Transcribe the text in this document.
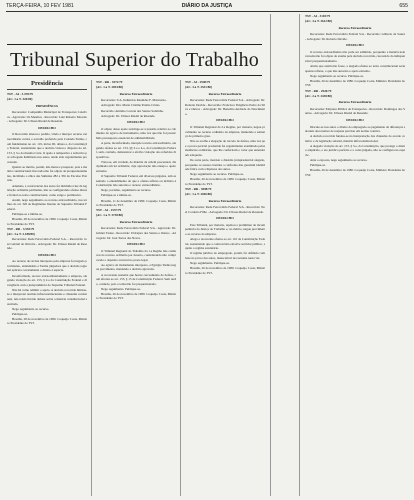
TERÇA-FEIRA, 10 FEV 1981	DIÁRIO DA JUSTIÇA	655

TST - AI - 3.478/79

(AC. 1.a T. 320/80)

PRESIDÊNCIA

Recorrente: Companhia Municipal de Transportes Coletivos - Agravado: Os Mesmos - Recorrido: Luiz Roberto Macedo - Advogado: Dr. Ulisses Riedel de Resende.

DESPACHO

O Recorrido alterou o pedido, vindo a interpor recurso extraordinário contra o acórdão proferido pela Colenda Turma, com fundamento no art. 119, inciso III, alínea a, da Constituição Federal, sustentando que a decisão violou o disposto no art. 153, § 3.o da mesma Carta. O apelo é tempestivo e subscrito por advogado habilitado nos autos, tendo sido regularmente processado.

Quanto ao mérito, porém, não merece prosperar, pois a matéria constitucional invocada não foi objeto de prequestionamento, incidindo o óbice das Súmulas 282 e 356 do Excelso Pretório.

Ademais, a controvérsia dos autos foi dirimida à luz da legislação ordinária pertinente, não se configurando ofensa direta e frontal ao texto constitucional, como exige o permissivo.

Assim, nego seguimento ao recurso extraordinário, nos termos do art. 326 do Regimento Interno do Supremo Tribunal Federal.

Publique-se e intime-se.

Brasília, 28 de novembro de 1980. Coqueijo Costa, Ministro Presidente do TST.

TST - RR - 3.555/79

(AC. 3.a T. 2.188/80)

Recorrente: Rede Ferroviária Federal S.A. - Recorrido: José Gabriel de Oliveira - Advogado: Dr. Ulisses Riedel de Resende.

DESPACHO

Ao recurso de revista interposto pela empresa foi negado provimento, entendendo a Turma julgadora que a decisão regional aplicara corretamente o direito à espécie.

Inconformada, recorre extraordinariamente a empresa, alegando violação do art. 153, § 2.o da Constituição Federal e divergência com a jurisprudência do Supremo Tribunal Federal.

Não há como admitir o apelo. A decisão recorrida limitou-se a interpretar normas infraconstitucionais e cláusulas contratuais, não tendo havido debate sobre a matéria constitucional suscitada.

Nego seguimento ao recurso.

Publique-se.

Brasília, 28 de novembro de 1980. Coqueijo Costa, Ministro Presidente do TST.

Tribunal Superior do Trabalho
Presidência	TST - RR - 3572/79

(AC. 1.a T. 2054/80)

Recurso Extraordinário

Recorrente: S/A. Indústrias Reunidas F. Matarazzo.

Advogado: Dra. Maria Cristina Paixão Côrtes.

Recorrido: Antônio Correia dos Santos Sobrinho.

Advogado: Dr. Ulisses Riedel de Resende.

DESPACHO

O objeto desse apelo restringe-se à questão relativa ao cabimento do agravo de instrumento, uma vez que não foi preenchido pressuposto essencial de admissibilidade.

A parte, inconformada, interpõe recurso extraordinário, alegando ofensa ao art. 153, §§ 3.o e 4.o, da Constituição Federal, sem, contudo, demonstrar a efetiva violação dos referidos dispositivos.

Trata-se, em verdade, de matéria de ordem processual, disciplinada em lei ordinária, cuja apreciação não enseja o apelo extremo.

O Supremo Tribunal Federal, em diversos julgados, tem assentado o entendimento de que a ofensa reflexa ou indireta à Constituição não autoriza o recurso extraordinário.

Nego, portanto, seguimento ao recurso.

Publique-se e intime-se.

Brasília, 11 de dezembro de 1980. Coqueijo Costa, Ministro Presidente do TST.

TST - AI - 1537/79

(AC. 1.a T. 2738/80)

Recurso Extraordinário

Recorrente: Rede Ferroviária Federal S/A - Agravado: Dr. Gilmar Tadeu - Recorrido: Ubirajara dos Santos e Outros - Advogado: Dr. José Torres das Neves.

DESPACHO

O Tribunal Regional do Trabalho da 1.a Região não conheceu do recurso ordinário por deserto, considerando não comprovado o depósito recursal no prazo legal.

Ao agravo de instrumento interposto, a Egrégia Turma negou provimento, mantendo a decisão agravada.

A recorrente sustenta que houve cerceamento de defesa, com afronta ao art. 153, § 15 da Constituição Federal. Sem razão, contudo, pois o tema não foi prequestionado.

Nego seguimento. Publique-se.

Brasília, 26 de novembro de 1980. Coqueijo Costa, Ministro Presidente do TST.

TST - AI - 2948/79

(AC. 3.a T. 2531/80)

Recurso Extraordinário

Recorrente: Rede Ferroviária Federal S/A - Advogado: Dr. Roberto Devide - Recorrido: Francisco Fulgêncio Pedro da Silva e Outros - Advogado: Dr. Benedito Andrade do Nascimento.

DESPACHO

O Tribunal Regional da 2.a Região, por maioria, negou provimento ao recurso ordinário da empresa, mantendo a sentença de primeiro grau.

Não se acolhe a alegação de cerceio de defesa, uma vez que a prova pericial produzida foi regularmente examinada pelas instâncias ordinárias, que lhe conferiram o valor que entenderam adequado.

De outra parte, inexiste o dissídio jurisprudencial alegado, porquanto os arestos trazidos a confronto não guardam identidade fática com a hipótese dos autos.

Nego seguimento ao recurso. Publique-se.

Brasília, 26 de novembro de 1980. Coqueijo Costa, Ministro Presidente do TST.

TST - RR - 3098/79

(AC. 1.a T. 2046/80)

Recurso Extraordinário

Recorrente: Rede Ferroviária Federal S/A - Recorrido: Noel Cordeiro Filho - Advogado: Dr. Ulisses Riedel de Resende.

DESPACHO

Este Tribunal, por maioria, rejeitou a preliminar de incompetência da Justiça do Trabalho e, no mérito, negou provimento ao recurso da empresa.

Alega a recorrente ofensa ao art. 110 da Constituição Federal, sustentando que a controvérsia envolve servidor público, sujeito a regime estatutário.

O regime jurídico do empregado, porém, foi definido com base na prova dos autos, insuscetível de reexame nesta via.

Nego seguimento. Publique-se.

Brasília, 26 de novembro de 1980. Coqueijo Costa, Ministro Presidente do TST.

TST - AI - 3103/79

(AC. 3.a T. 2612/80)

Recurso Extraordinário

Recorrente: Rede Ferroviária Federal S/A - Recorrido: Gilberto de Souza - Advogado: Dr. Roberto Devide.

DESPACHO

O recurso extraordinário não pode ser admitido, porquanto a matéria nele versada não foi objeto de exame pela decisão recorrida, carecendo do indispensável prequestionamento.

Ainda que assim não fosse, a alegada ofensa ao texto constitucional seria apenas reflexa, o que não autoriza o apelo extremo.

Nego seguimento ao recurso. Publique-se.

Brasília, 26 de dezembro de 1980. Coqueijo Costa, Ministro Presidente do TST.

TST - RR - 2926/79

(AC. 2.a T. 2438/80)

Recurso Extraordinário

Recorrente: Empresa Pública de Transportes - Recorrido: Domingos dos Santos - Advogado: Dr. Ulisses Riedel de Resende.

DESPACHO

Discute-se nos autos o direito do empregado ao pagamento de diferenças salariais decorrentes de reajuste previsto em norma coletiva.

A decisão recorrida fundou-se na interpretação das cláusulas do acordo coletivo e da legislação salarial, matéria infraconstitucional.

A alegada violação do art. 153, § 3.o, da Constituição, que protege o direito adquirido, o ato jurídico perfeito e a coisa julgada, não se configura na espécie.

Ante o exposto, nego seguimento ao recurso.

Publique-se.

Brasília, 26 de dezembro de 1980. Coqueijo Costa, Ministro Presidente do TST.
